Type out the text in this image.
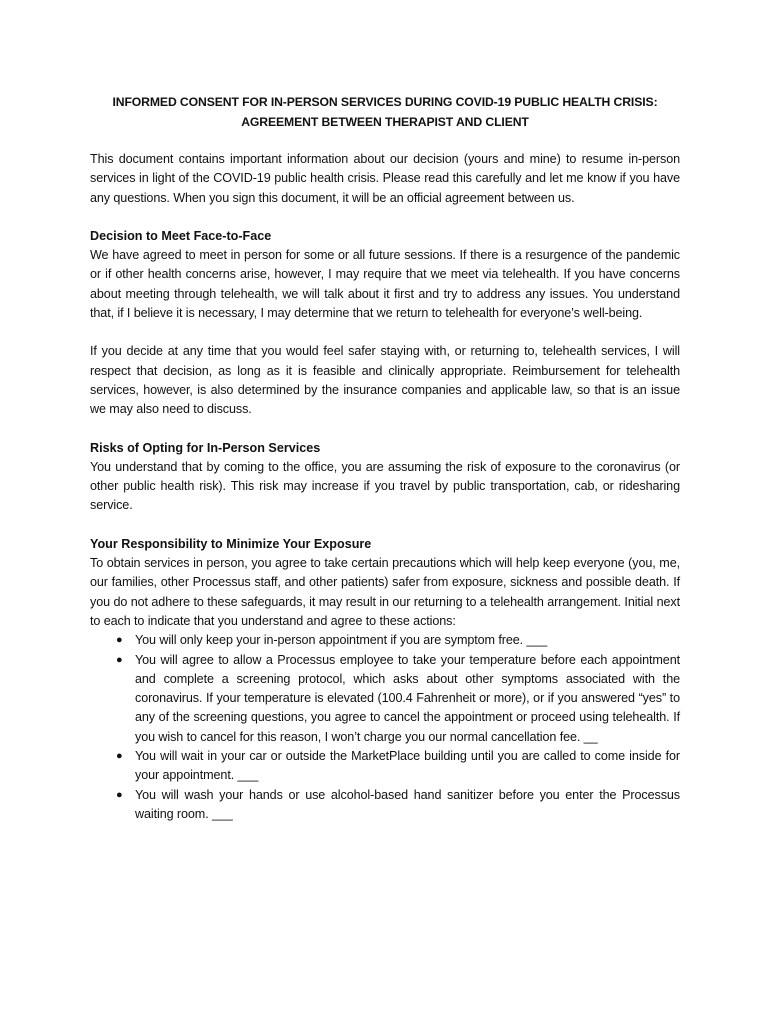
INFORMED CONSENT FOR IN-PERSON SERVICES DURING COVID-19 PUBLIC HEALTH CRISIS:
AGREEMENT BETWEEN THERAPIST AND CLIENT

This document contains important information about our decision (yours and mine) to resume in-person services in light of the COVID-19 public health crisis. Please read this carefully and let me know if you have any questions. When you sign this document, it will be an official agreement between us.

Decision to Meet Face-to-Face

We have agreed to meet in person for some or all future sessions. If there is a resurgence of the pandemic or if other health concerns arise, however, I may require that we meet via telehealth. If you have concerns about meeting through telehealth, we will talk about it first and try to address any issues. You understand that, if I believe it is necessary, I may determine that we return to telehealth for everyone’s well-being.

If you decide at any time that you would feel safer staying with, or returning to, telehealth services, I will respect that decision, as long as it is feasible and clinically appropriate. Reimbursement for telehealth services, however, is also determined by the insurance companies and applicable law, so that is an issue we may also need to discuss.

Risks of Opting for In-Person Services

You understand that by coming to the office, you are assuming the risk of exposure to the coronavirus (or other public health risk). This risk may increase if you travel by public transportation, cab, or ridesharing service.

Your Responsibility to Minimize Your Exposure

To obtain services in person, you agree to take certain precautions which will help keep everyone (you, me, our families, other Processus staff, and other patients) safer from exposure, sickness and possible death. If you do not adhere to these safeguards, it may result in our returning to a telehealth arrangement. Initial next to each to indicate that you understand and agree to these actions:

● You will only keep your in-person appointment if you are symptom free. ___
● You will agree to allow a Processus employee to take your temperature before each appointment and complete a screening protocol, which asks about other symptoms associated with the coronavirus. If your temperature is elevated (100.4 Fahrenheit or more), or if you answered “yes” to any of the screening questions, you agree to cancel the appointment or proceed using telehealth. If you wish to cancel for this reason, I won’t charge you our normal cancellation fee. __
● You will wait in your car or outside the MarketPlace building until you are called to come inside for your appointment. ___
● You will wash your hands or use alcohol-based hand sanitizer before you enter the Processus waiting room. ___
